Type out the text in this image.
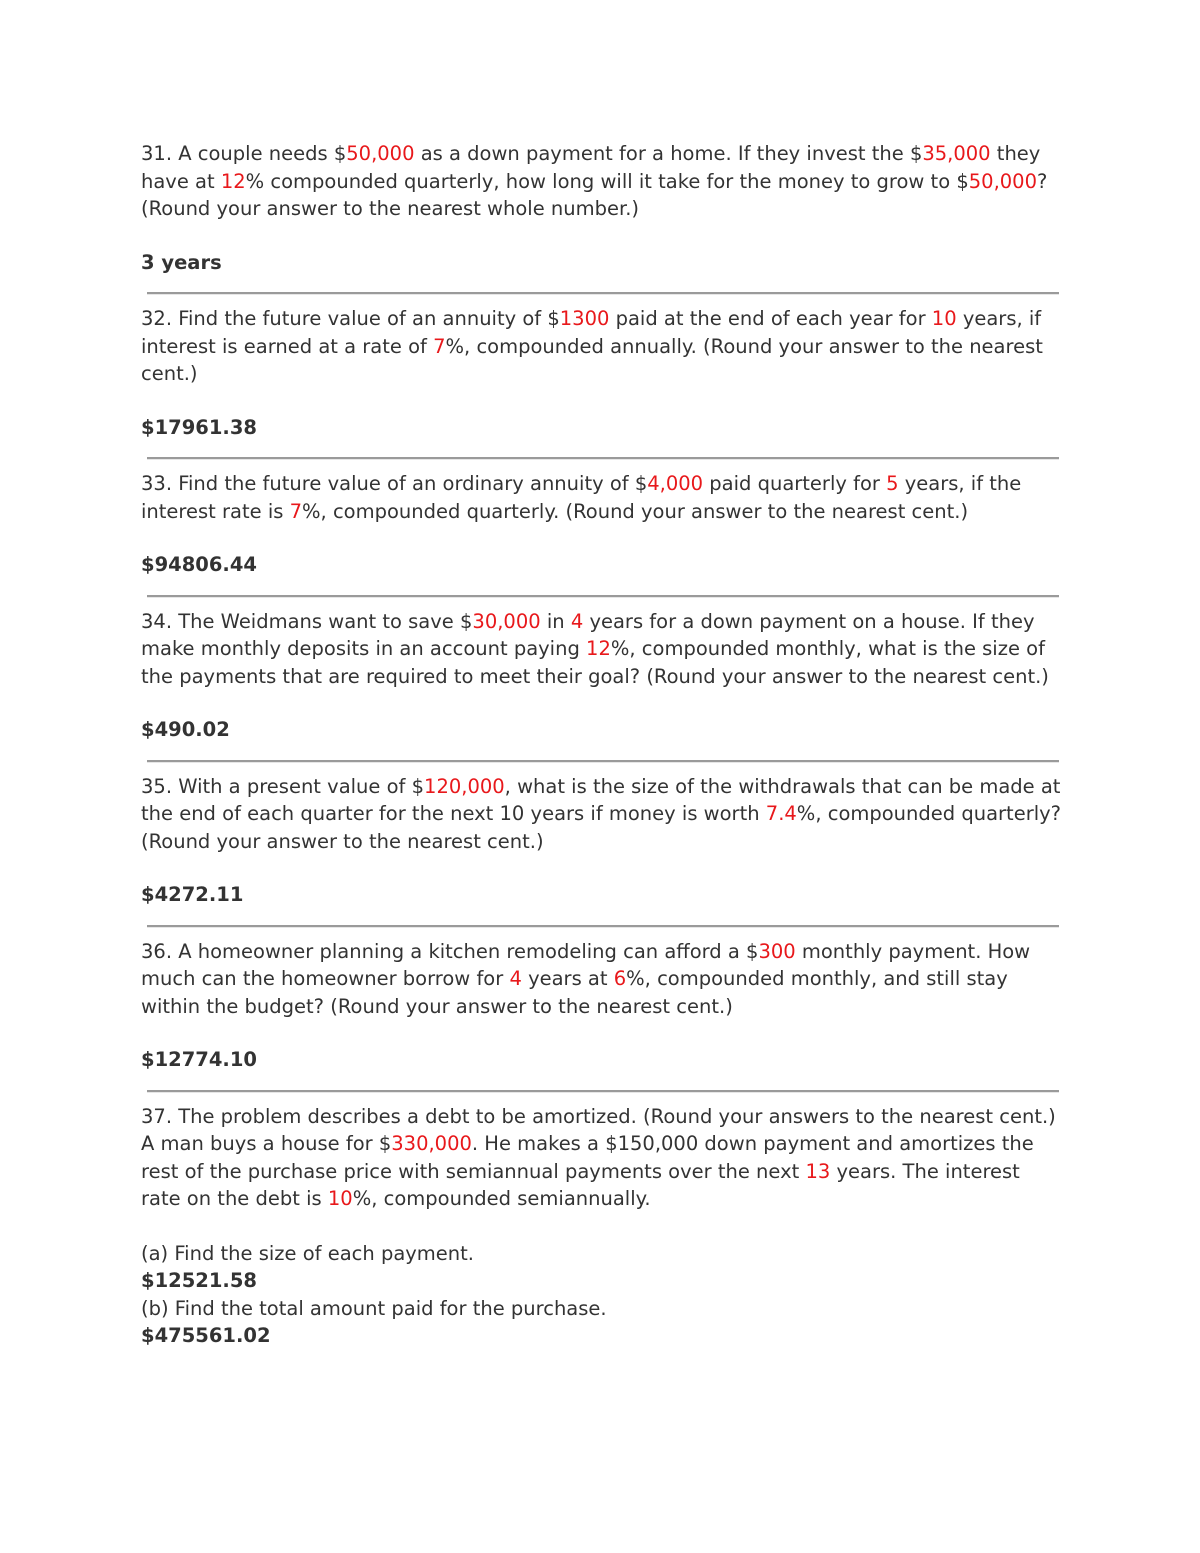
31. A couple needs $50,000 as a down payment for a home. If they invest the $35,000 they have at 12% compounded quarterly, how long will it take for the money to grow to $50,000? (Round your answer to the nearest whole number.)

3 years

32. Find the future value of an annuity of $1300 paid at the end of each year for 10 years, if interest is earned at a rate of 7%, compounded annually. (Round your answer to the nearest cent.)

$17961.38

33. Find the future value of an ordinary annuity of $4,000 paid quarterly for 5 years, if the interest rate is 7%, compounded quarterly. (Round your answer to the nearest cent.)

$94806.44

34. The Weidmans want to save $30,000 in 4 years for a down payment on a house. If they make monthly deposits in an account paying 12%, compounded monthly, what is the size of the payments that are required to meet their goal? (Round your answer to the nearest cent.)

$490.02

35. With a present value of $120,000, what is the size of the withdrawals that can be made at the end of each quarter for the next 10 years if money is worth 7.4%, compounded quarterly? (Round your answer to the nearest cent.)

$4272.11

36. A homeowner planning a kitchen remodeling can afford a $300 monthly payment. How much can the homeowner borrow for 4 years at 6%, compounded monthly, and still stay within the budget? (Round your answer to the nearest cent.)

$12774.10

37. The problem describes a debt to be amortized. (Round your answers to the nearest cent.)

A man buys a house for $330,000. He makes a $150,000 down payment and amortizes the rest of the purchase price with semiannual payments over the next 13 years. The interest rate on the debt is 10%, compounded semiannually.

(a) Find the size of each payment.

$12521.58

(b) Find the total amount paid for the purchase.

$475561.02
